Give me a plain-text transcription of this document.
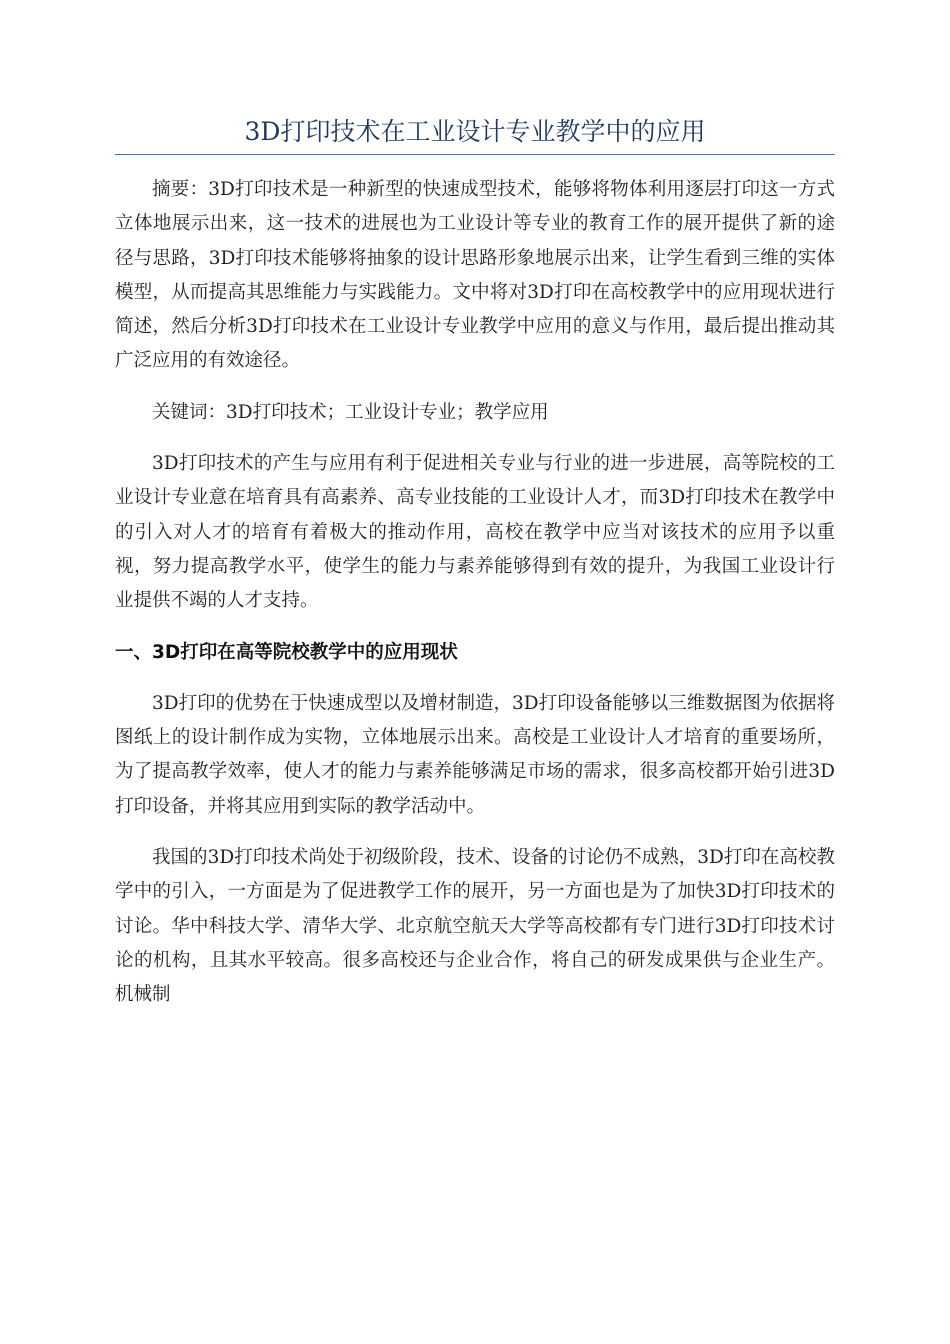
3D打印技术在工业设计专业教学中的应用

摘要：3D打印技术是一种新型的快速成型技术，能够将物体利用逐层打印这一方式立体地展示出来，这一技术的进展也为工业设计等专业的教育工作的展开提供了新的途径与思路，3D打印技术能够将抽象的设计思路形象地展示出来，让学生看到三维的实体模型，从而提高其思维能力与实践能力。文中将对3D打印在高校教学中的应用现状进行简述，然后分析3D打印技术在工业设计专业教学中应用的意义与作用，最后提出推动其广泛应用的有效途径。

关键词：3D打印技术；工业设计专业；教学应用

3D打印技术的产生与应用有利于促进相关专业与行业的进一步进展，高等院校的工业设计专业意在培育具有高素养、高专业技能的工业设计人才，而3D打印技术在教学中的引入对人才的培育有着极大的推动作用，高校在教学中应当对该技术的应用予以重视，努力提高教学水平，使学生的能力与素养能够得到有效的提升，为我国工业设计行业提供不竭的人才支持。

一、3D打印在高等院校教学中的应用现状

3D打印的优势在于快速成型以及增材制造，3D打印设备能够以三维数据图为依据将图纸上的设计制作成为实物，立体地展示出来。高校是工业设计人才培育的重要场所，为了提高教学效率，使人才的能力与素养能够满足市场的需求，很多高校都开始引进3D打印设备，并将其应用到实际的教学活动中。

我国的3D打印技术尚处于初级阶段，技术、设备的讨论仍不成熟，3D打印在高校教学中的引入，一方面是为了促进教学工作的展开，另一方面也是为了加快3D打印技术的讨论。华中科技大学、清华大学、北京航空航天大学等高校都有专门进行3D打印技术讨论的机构，且其水平较高。很多高校还与企业合作，将自己的研发成果供与企业生产。机械制
